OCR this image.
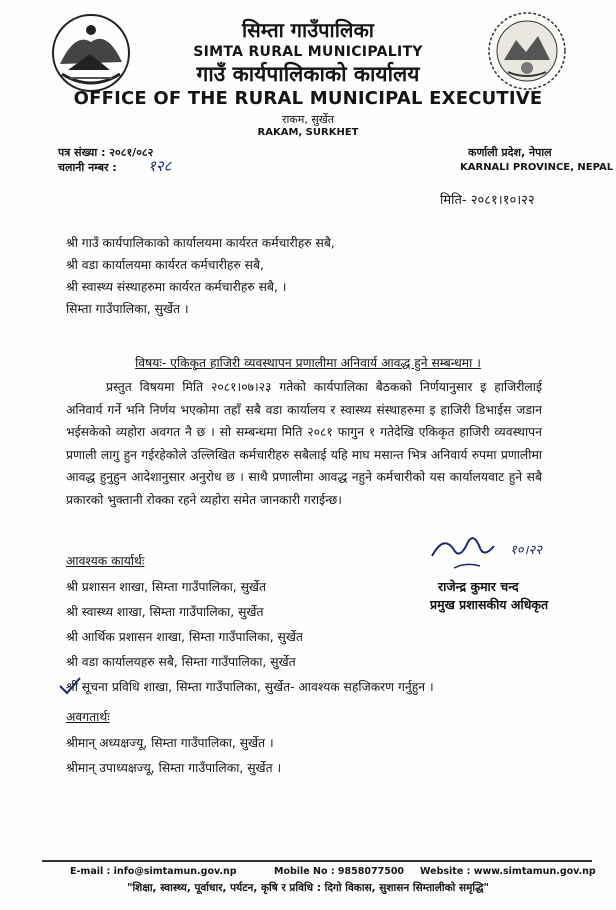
सिम्ता गाउँपालिका
SIMTA RURAL MUNICIPALITY
गाउँ कार्यपालिकाको कार्यालय
OFFICE OF THE RURAL MUNICIPAL EXECUTIVE
राकम, सुर्खेत
RAKAM, SURKHET
पत्र संख्या : २०८१/०८२
चलानी नम्बर : १२८
कर्णाली प्रदेश, नेपाल
KARNALI PROVINCE, NEPAL
मिति- २०८१।१०।२२
श्री गाउँ कार्यपालिकाको कार्यालयमा कार्यरत कर्मचारीहरु सबै,
श्री वडा कार्यालयमा कार्यरत कर्मचारीहरु सबै,
श्री स्वास्थ्य संस्थाहरुमा कार्यरत कर्मचारीहरु सबै, ।
सिम्ता गाउँपालिका, सुर्खेत ।
विषयः- एकिकृत हाजिरी व्यवस्थापन प्रणालीमा अनिवार्य आवद्ध हुने सम्बन्धमा ।
प्रस्तुत विषयमा मिति २०८१।०७।२३ गतेको कार्यपालिका बैठकको निर्णयानुसार इ हाजिरीलाई अनिवार्य गर्ने भनि निर्णय भएकोमा तहाँ सबै वडा कार्यालय र स्वास्थ्य संस्थाहरुमा इ हाजिरी डिभाईस जडान भईसकेको व्यहोरा अवगत नै छ । सो सम्बन्धमा मिति २०८१ फागुन १ गतेदेखि एकिकृत हाजिरी व्यवस्थापन प्रणाली लागु हुन गईरहेकोले उल्लिखित कर्मचारीहरु सबैलाई यहि माघ मसान्त भित्र अनिवार्य रुपमा प्रणालीमा आवद्ध हुनुहुन आदेशानुसार अनुरोध छ । साथै प्रणालीमा आवद्ध नहुने कर्मचारीको यस कार्यालयवाट हुने सबै प्रकारको भुक्तानी रोक्का रहने व्यहोरा समेत जानकारी गराईन्छ।
आवश्यक कार्यार्थः
श्री प्रशासन शाखा, सिम्ता गाउँपालिका, सुर्खेत
श्री स्वास्थ्य शाखा, सिम्ता गाउँपालिका, सुर्खेत
श्री आर्थिक प्रशासन शाखा, सिम्ता गाउँपालिका, सुर्खेत
श्री वडा कार्यालयहरु सबै, सिम्ता गाउँपालिका, सुर्खेत
श्री सूचना प्रविधि शाखा, सिम्ता गाउँपालिका, सुर्खेत- आवश्यक सहजिकरण गर्नुहुन ।
अवगतार्थः
श्रीमान् अध्यक्षज्यू, सिम्ता गाउँपालिका, सुर्खेत ।
श्रीमान् उपाध्यक्षज्यू, सिम्ता गाउँपालिका, सुर्खेत ।
१०।२२
राजेन्द्र कुमार चन्द
प्रमुख प्रशासकीय अधिकृत
E-mail : info@simtamun.gov.np	Mobile No : 9858077500 Website : www.simtamun.gov.np
"शिक्षा, स्वास्थ्य, पूर्वाधार, पर्यटन, कृषि र प्रविधि : दिगो विकास, सुशासन सिम्तालीको समृद्धि"
